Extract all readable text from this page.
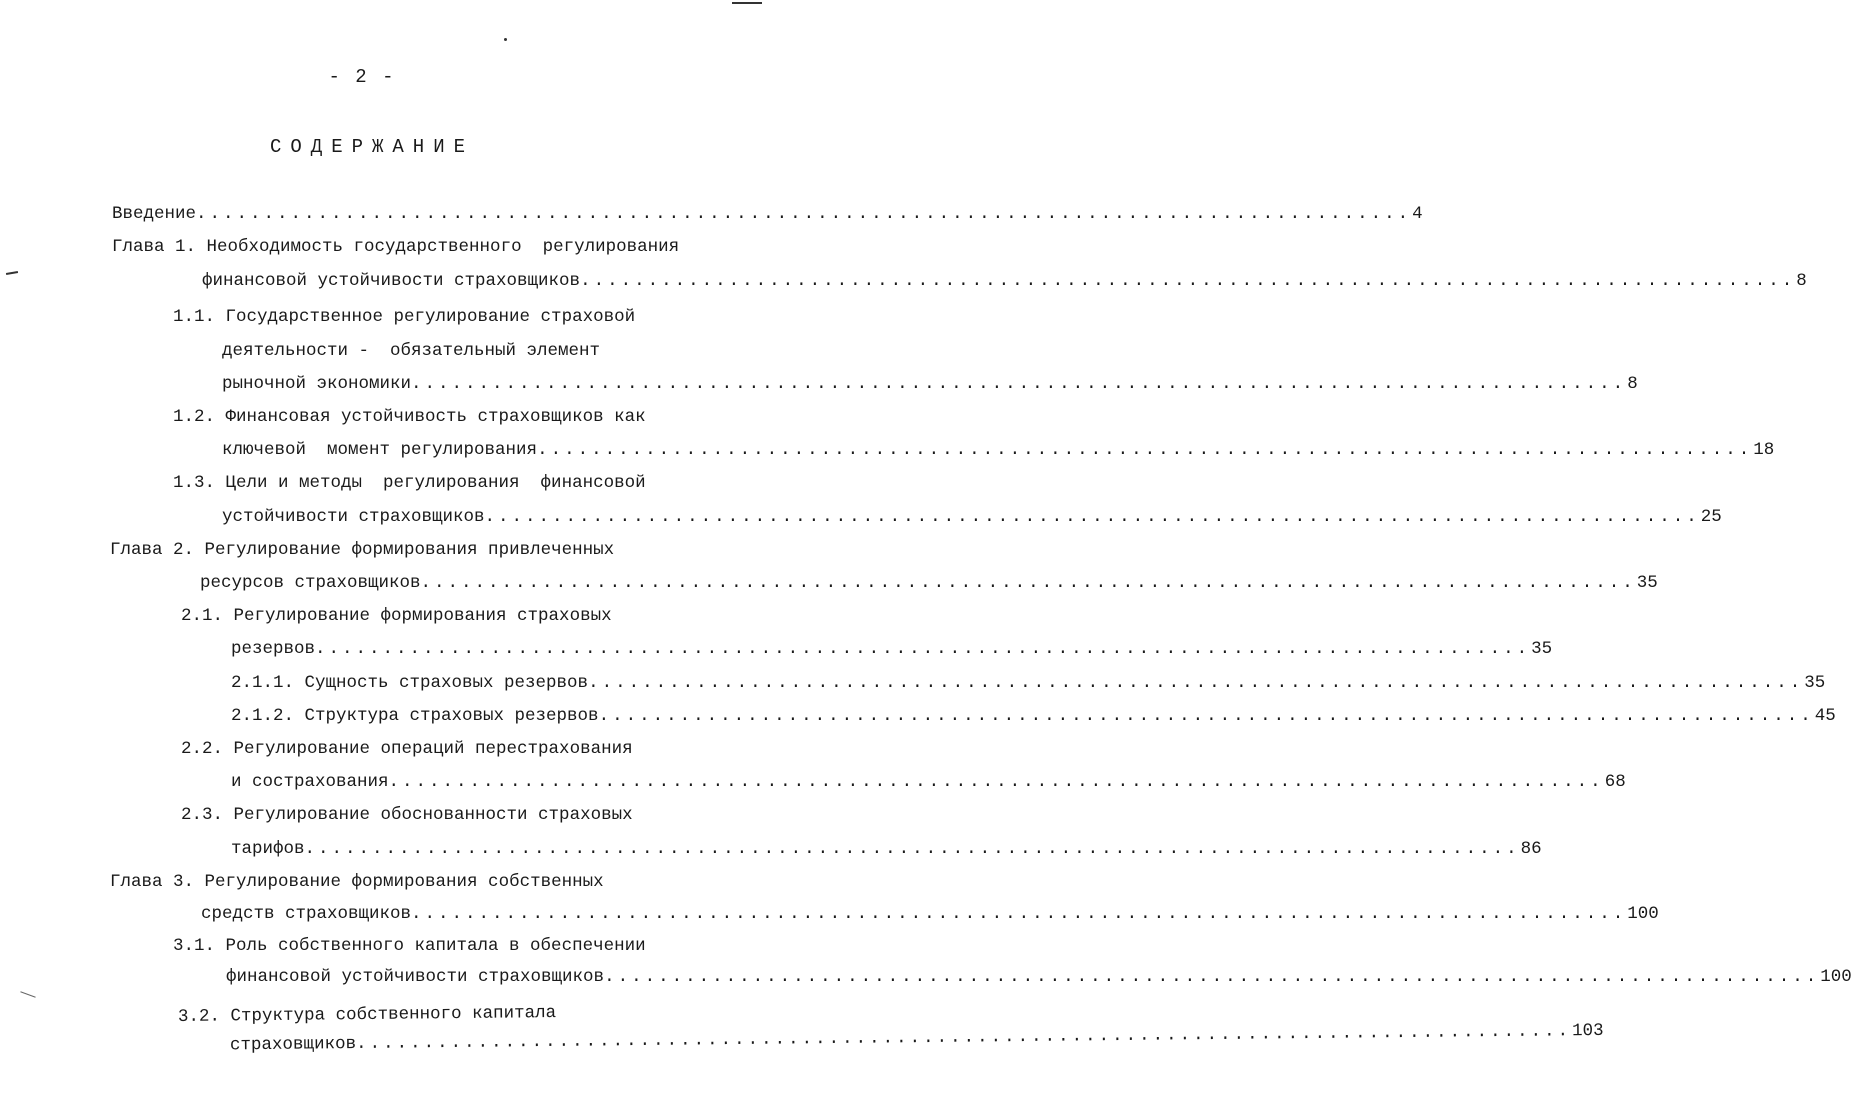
- 2 -
СОДЕРЖАНИЕ
Введение .......................................................................................... 4
Глава 1. Необходимость государственного  регулирования
финансовой устойчивости страховщиков .......................................................................................... 8
1.1. Государственное регулирование страховой
деятельности -  обязательный элемент
рыночной экономики .......................................................................................... 8
1.2. Финансовая устойчивость страховщиков как
ключевой  момент регулирования .......................................................................................... 18
1.3. Цели и методы  регулирования  финансовой
устойчивости страховщиков .......................................................................................... 25
Глава 2. Регулирование формирования привлеченных
ресурсов страховщиков .......................................................................................... 35
2.1. Регулирование формирования страховых
резервов .......................................................................................... 35
2.1.1. Сущность страховых резервов .......................................................................................... 35
2.1.2. Структура страховых резервов .......................................................................................... 45
2.2. Регулирование операций перестрахования
и сострахования .......................................................................................... 68
2.3. Регулирование обоснованности страховых
тарифов .......................................................................................... 86
Глава 3. Регулирование формирования собственных
средств страховщиков .......................................................................................... 100
3.1. Роль собственного капитала в обеспечении
финансовой устойчивости страховщиков .......................................................................................... 100
3.2. Структура собственного капитала
страховщиков .......................................................................................... 103
